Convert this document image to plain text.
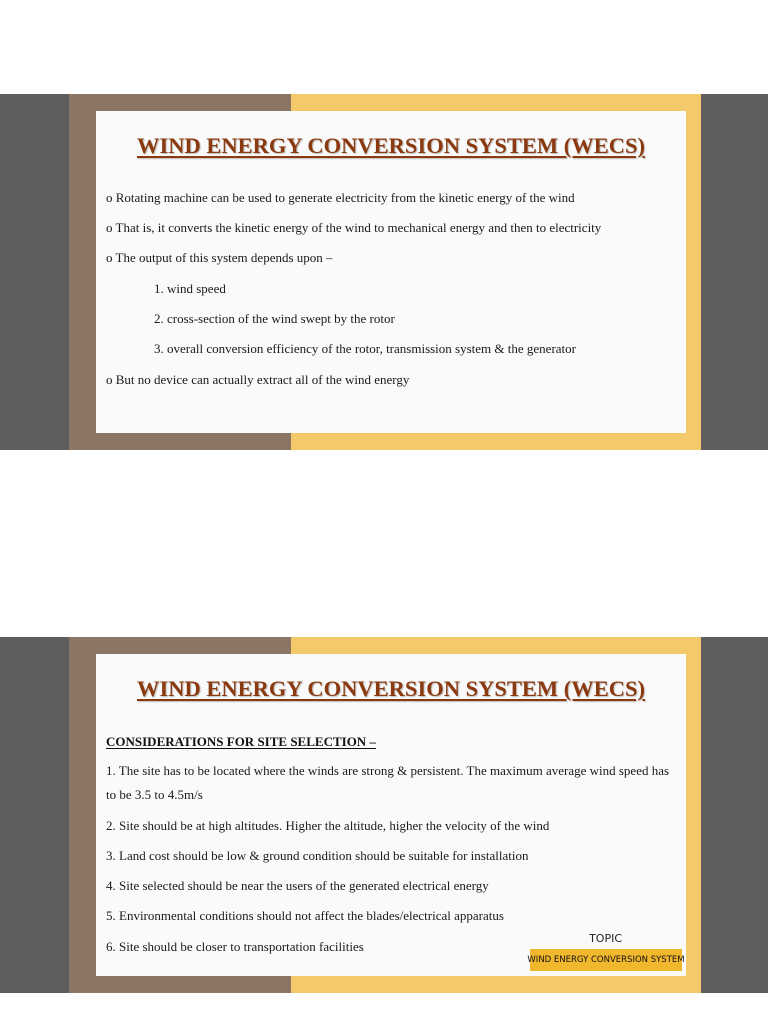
WIND ENERGY CONVERSION SYSTEM (WECS)
o Rotating machine can be used to generate electricity from the kinetic energy of the wind
o That is, it converts the kinetic energy of the wind to mechanical energy and then to electricity
o The output of this system depends upon –
1. wind speed
2. cross-section of the wind swept by the rotor
3. overall conversion efficiency of the rotor, transmission system & the generator
o But no device can actually extract all of the wind energy
WIND ENERGY CONVERSION SYSTEM (WECS)
CONSIDERATIONS FOR SITE SELECTION –
1. The site has to be located where the winds are strong & persistent. The maximum average wind speed has to be 3.5 to 4.5m/s
2. Site should be at high altitudes. Higher the altitude, higher the velocity of the wind
3. Land cost should be low & ground condition should be suitable for installation
4. Site selected should be near the users of the generated electrical energy
5. Environmental conditions should not affect the blades/electrical apparatus
6. Site should be closer to transportation facilities
TOPIC
WIND ENERGY CONVERSION SYSTEM
